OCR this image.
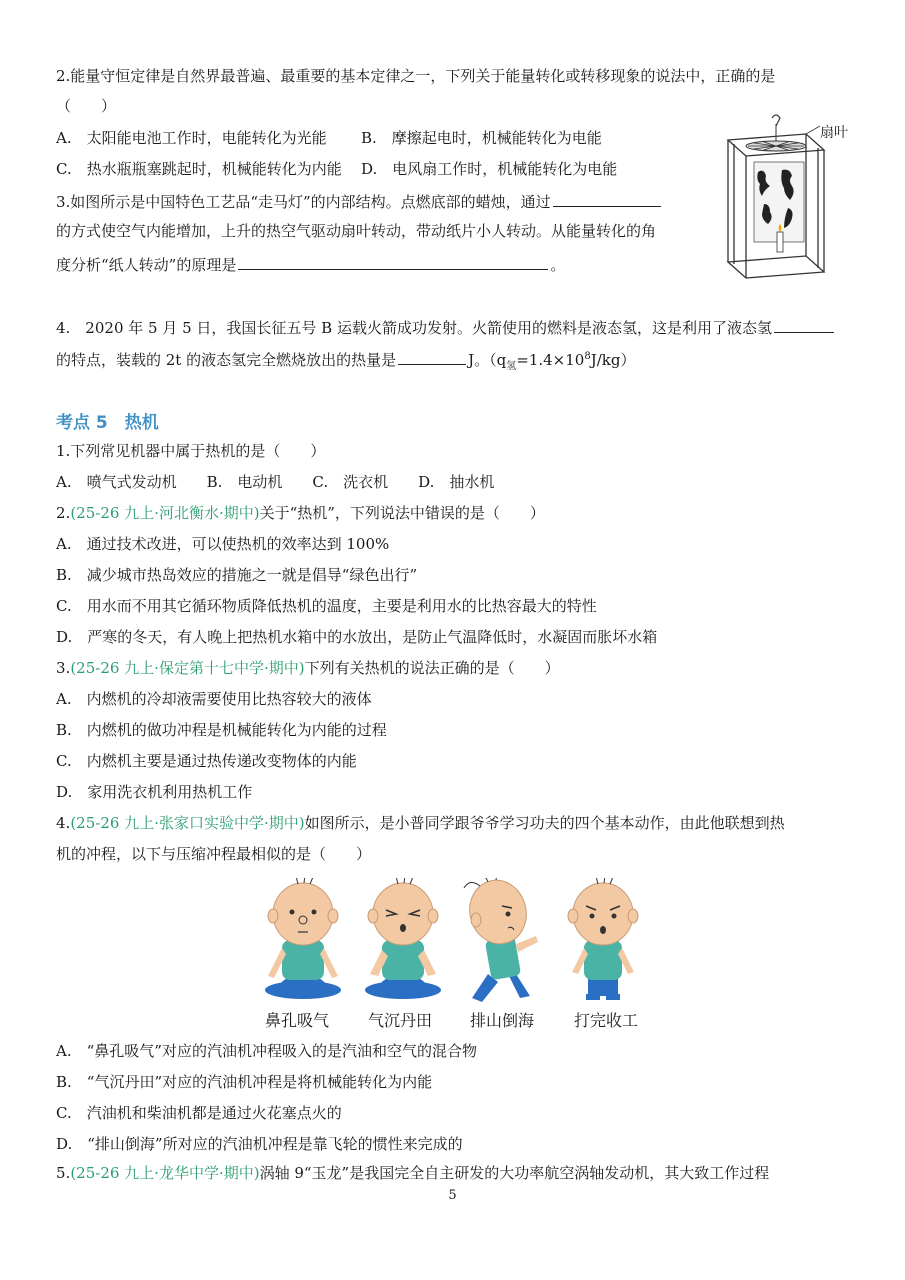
2.能量守恒定律是自然界最普遍、最重要的基本定律之一，下列关于能量转化或转移现象的说法中，正确的是
（　　）
A.　太阳能电池工作时，电能转化为光能 B.　摩擦起电时，机械能转化为电能
C.　热水瓶瓶塞跳起时，机械能转化为内能 D.　电风扇工作时，机械能转化为电能
3.如图所示是中国特色工艺品“走马灯”的内部结构。点燃底部的蜡烛，通过
的方式使空气内能增加，上升的热空气驱动扇叶转动，带动纸片小人转动。从能量转化的角
度分析“纸人转动”的原理是	。
扇叶
4.　2020 年 5 月 5 日，我国长征五号 B 运载火箭成功发射。火箭使用的燃料是液态氢，这是利用了液态氢
的特点，装载的 2t 的液态氢完全燃烧放出的热量是	J。$(q_氢=1.4\times 10^8J/kg)$
考点 5　热机
1.下列常见机器中属于热机的是（　　）
A.　喷气式发动机　　B.　电动机　　C.　洗衣机　　D.　抽水机
2.(25-26 九上·河北衡水·期中)关于“热机”，下列说法中错误的是（　　）
A.　通过技术改进，可以使热机的效率达到 100%
B.　减少城市热岛效应的措施之一就是倡导“绿色出行”
C.　用水而不用其它循环物质降低热机的温度，主要是利用水的比热容最大的特性
D.　严寒的冬天，有人晚上把热机水箱中的水放出，是防止气温降低时，水凝固而胀坏水箱
3.(25-26 九上·保定第十七中学·期中)下列有关热机的说法正确的是（　　）
A.　内燃机的冷却液需要使用比热容较大的液体
B.　内燃机的做功冲程是机械能转化为内能的过程
C.　内燃机主要是通过热传递改变物体的内能
D.　家用洗衣机利用热机工作
4.(25-26 九上·张家口实验中学·期中)如图所示，是小普同学跟爷爷学习功夫的四个基本动作，由此他联想到热
机的冲程，以下与压缩冲程最相似的是（　　）
鼻孔吸气 气沉丹田 排山倒海 打完收工
A.　“鼻孔吸气”对应的汽油机冲程吸入的是汽油和空气的混合物
B.　“气沉丹田”对应的汽油机冲程是将机械能转化为内能
C.　汽油机和柴油机都是通过火花塞点火的
D.　“排山倒海”所对应的汽油机冲程是靠飞轮的惯性来完成的
5.(25-26 九上·龙华中学·期中)涡轴 9“玉龙”是我国完全自主研发的大功率航空涡轴发动机，其大致工作过程
5
